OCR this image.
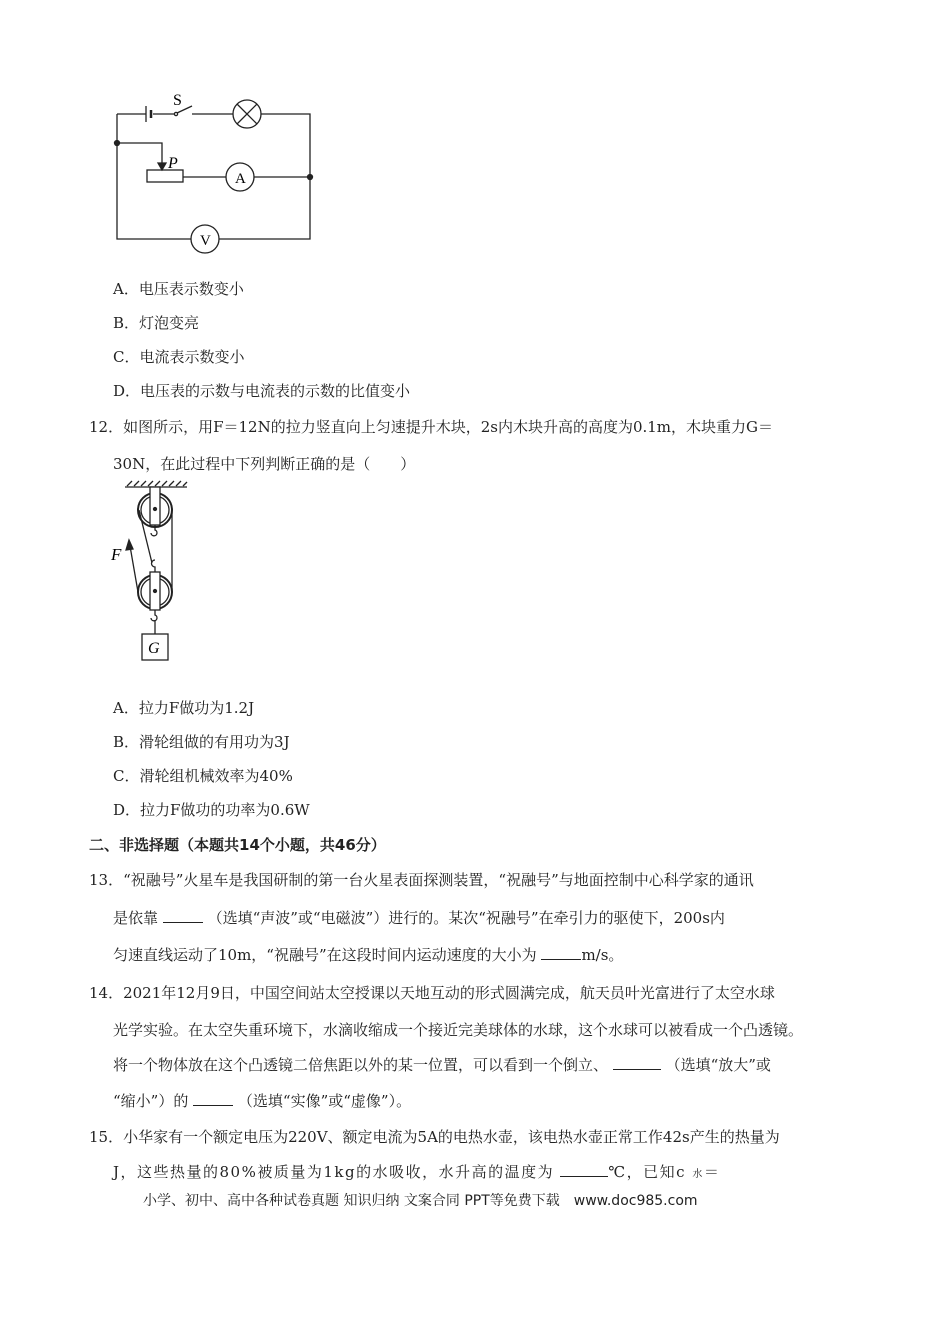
S
P
A
V
F
G
A．电压表示数变小
B．灯泡变亮
C．电流表示数变小
D．电压表的示数与电流表的示数的比值变小
12．如图所示，用F＝12N的拉力竖直向上匀速提升木块，2s内木块升高的高度为0.1m，木块重力G＝
30N，在此过程中下列判断正确的是（　　）
A．拉力F做功为1.2J
B．滑轮组做的有用功为3J
C．滑轮组机械效率为40%
D．拉力F做功的功率为0.6W
二、非选择题（本题共14个小题，共46分）
13．“祝融号”火星车是我国研制的第一台火星表面探测装置，“祝融号”与地面控制中心科学家的通讯
是依靠	（选填“声波”或“电磁波”）进行的。某次“祝融号”在牵引力的驱使下，200s内
匀速直线运动了10m，“祝融号”在这段时间内运动速度的大小为	m/s。
14．2021年12月9日，中国空间站太空授课以天地互动的形式圆满完成，航天员叶光富进行了太空水球
光学实验。在太空失重环境下，水滴收缩成一个接近完美球体的水球，这个水球可以被看成一个凸透镜。
将一个物体放在这个凸透镜二倍焦距以外的某一位置，可以看到一个倒立、	（选填“放大”或
“缩小”）的	（选填“实像”或“虚像”）。
15．小华家有一个额定电压为220V、额定电流为5A的电热水壶，该电热水壶正常工作42s产生的热量为
J，这些热量的80%被质量为1kg的水吸收，水升高的温度为	℃，已知c 水＝
小学、初中、高中各种试卷真题 知识归纳 文案合同 PPT等免费下载　www.doc985.com
